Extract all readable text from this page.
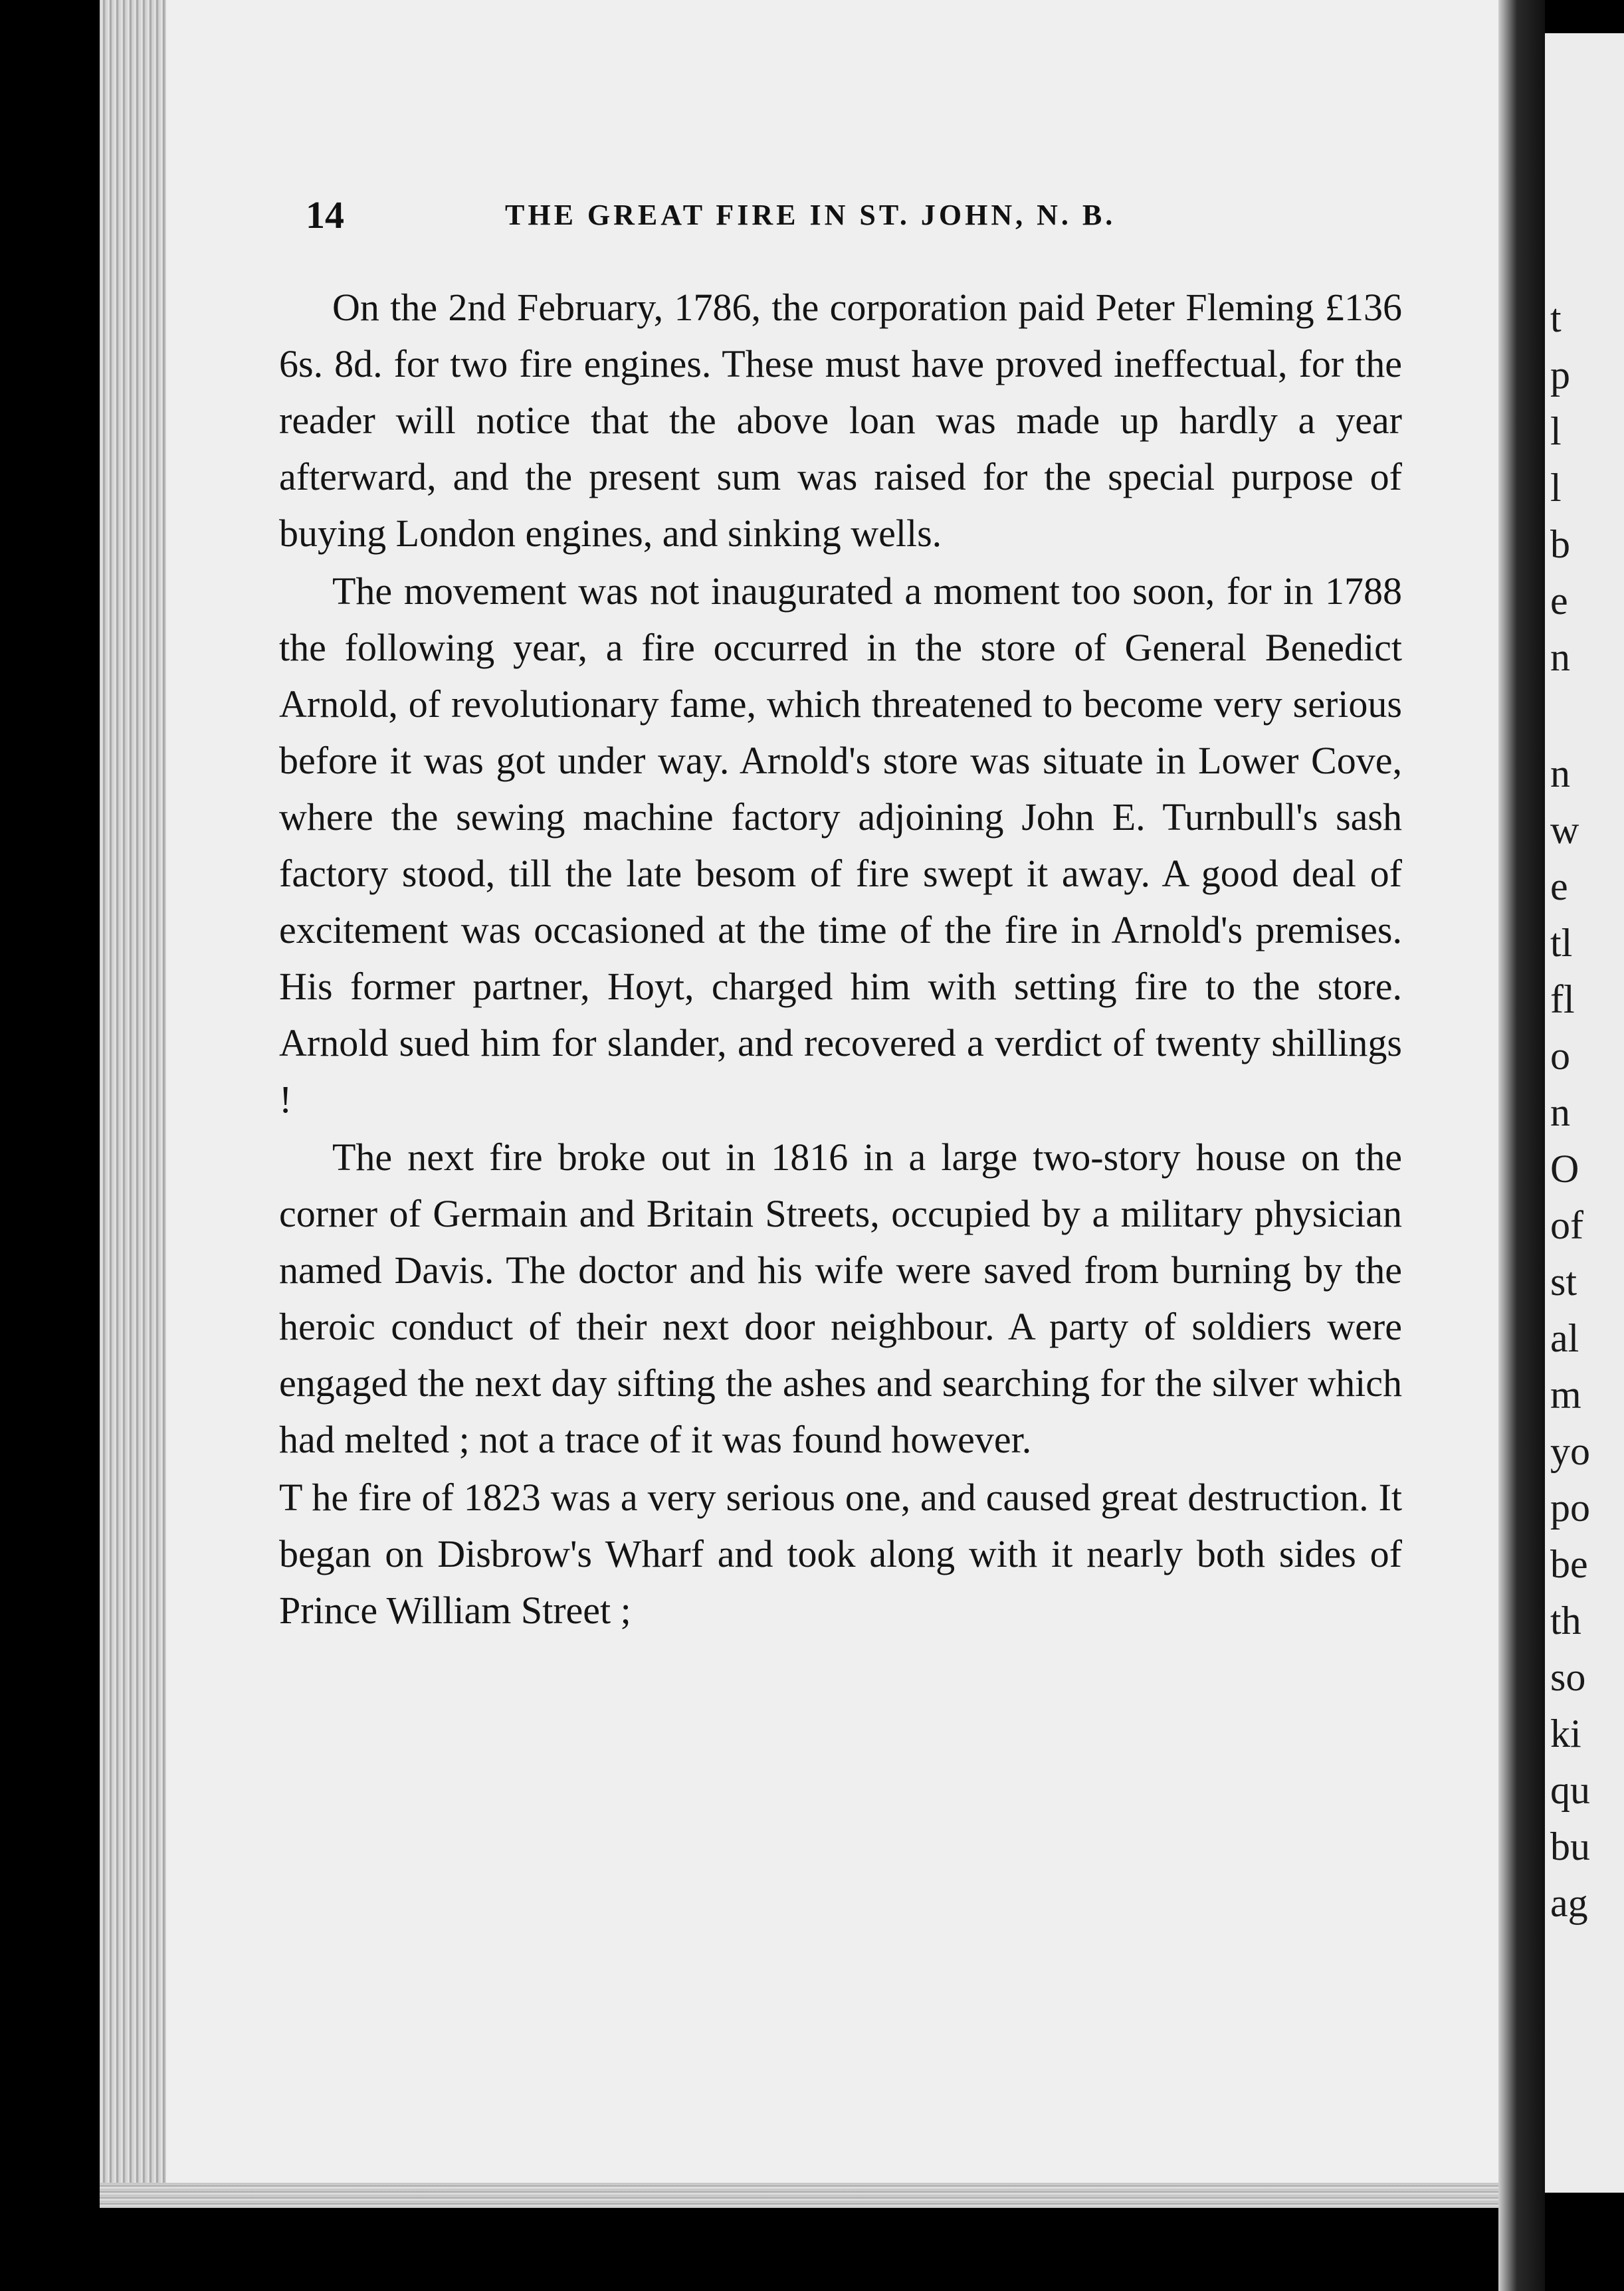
14	THE GREAT FIRE IN ST. JOHN, N. B.

On the 2nd February, 1786, the corporation paid Peter Fleming £136 6s. 8d. for two fire engines. These must have proved ineffectual, for the reader will notice that the above loan was made up hardly a year afterward, and the present sum was raised for the special purpose of buying London engines, and sinking wells.

The movement was not inaugurated a moment too soon, for in 1788 the following year, a fire occurred in the store of General Benedict Arnold, of revolutionary fame, which threatened to become very serious before it was got under way. Arnold's store was situate in Lower Cove, where the sewing machine factory adjoining John E. Turnbull's sash factory stood, till the late besom of fire swept it away. A good deal of excitement was occasioned at the time of the fire in Arnold's premises. His former partner, Hoyt, charged him with setting fire to the store. Arnold sued him for slander, and recovered a verdict of twenty shillings !

The next fire broke out in 1816 in a large two-story house on the corner of Germain and Britain Streets, occupied by a military physician named Davis. The doctor and his wife were saved from burning by the heroic conduct of their next door neighbour. A party of soldiers were engaged the next day sifting the ashes and searching for the silver which had melted ; not a trace of it was found however.

T he fire of 1823 was a very serious one, and caused great destruction. It began on Disbrow's Wharf and took along with it nearly both sides of Prince William Street ;

t
p
l
l
b
e
n
n
w
e
tl
fl
o
n
O
of
st
al
m
yo
po
be
th
so
ki
qu
bu
ag
